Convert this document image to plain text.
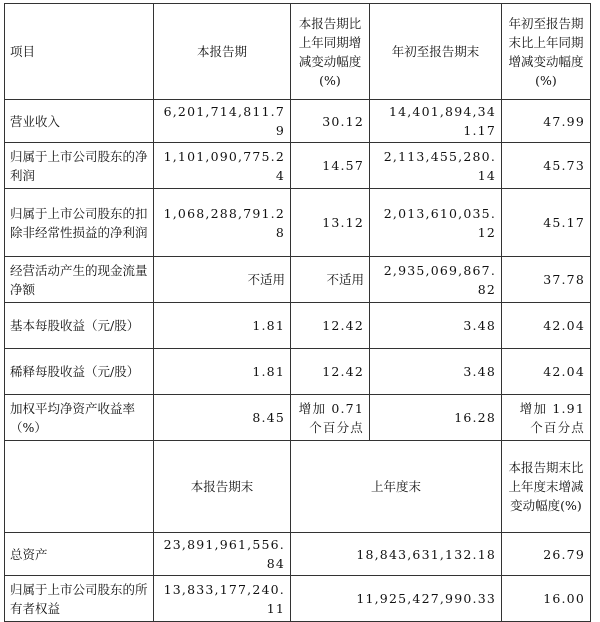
项目	本报告期	本报告期比上年同期增减变动幅度(%)	年初至报告期末	年初至报告期末比上年同期增减变动幅度(%)
营业收入	6,201,714,811.79	30.12	14,401,894,341.17	47.99
归属于上市公司股东的净利润	1,101,090,775.24	14.57	2,113,455,280.14	45.73
归属于上市公司股东的扣除非经常性损益的净利润	1,068,288,791.28	13.12	2,013,610,035.12	45.17
经营活动产生的现金流量净额	不适用	不适用	2,935,069,867.82	37.78
基本每股收益（元/股）	1.81	12.42	3.48	42.04
稀释每股收益（元/股）	1.81	12.42	3.48	42.04
加权平均净资产收益率（%）	8.45	增加 0.71 个百分点	16.28	增加 1.91 个百分点
	本报告期末	上年度末		本报告期末比上年度末增减变动幅度(%)
总资产	23,891,961,556.84	18,843,631,132.18		26.79
归属于上市公司股东的所有者权益	13,833,177,240.11	11,925,427,990.33		16.00
